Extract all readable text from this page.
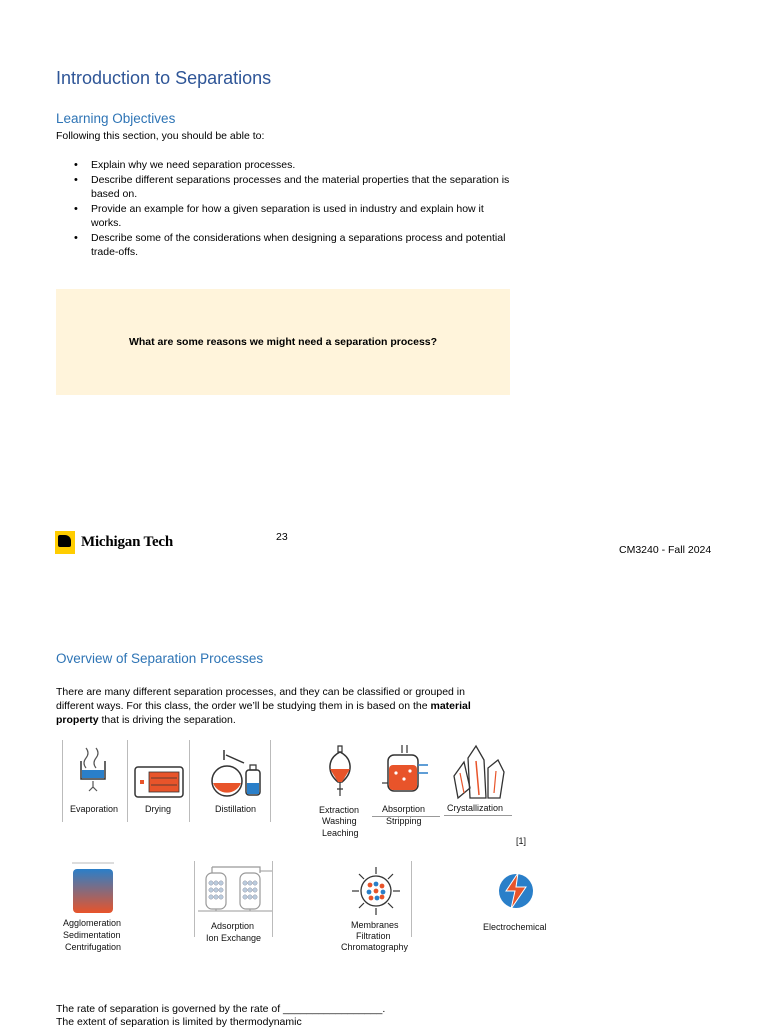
Introduction to Separations
Learning Objectives
Following this section, you should be able to:
• Explain why we need separation processes.
• Describe different separations processes and the material properties that the separation is based on.
• Provide an example for how a given separation is used in industry and explain how it works.
• Describe some of the considerations when designing a separations process and potential trade-offs.
What are some reasons we might need a separation process?
Michigan Tech	23
CM3240 - Fall 2024
Overview of Separation Processes
There are many different separation processes, and they can be classified or grouped in different ways. For this class, the order we’ll be studying them in is based on the material property that is driving the separation.
Evaporation	Drying	Distillation	Extraction
Washing
Leaching
Absorption
Stripping
Crystallization
[1]
Agglomeration
Sedimentation
Centrifugation
Adsorption
Ion Exchange
Membranes
Filtration
Chromatography
Electrochemical
The rate of separation is governed by the rate of _________________.
The extent of separation is limited by thermodynamic
